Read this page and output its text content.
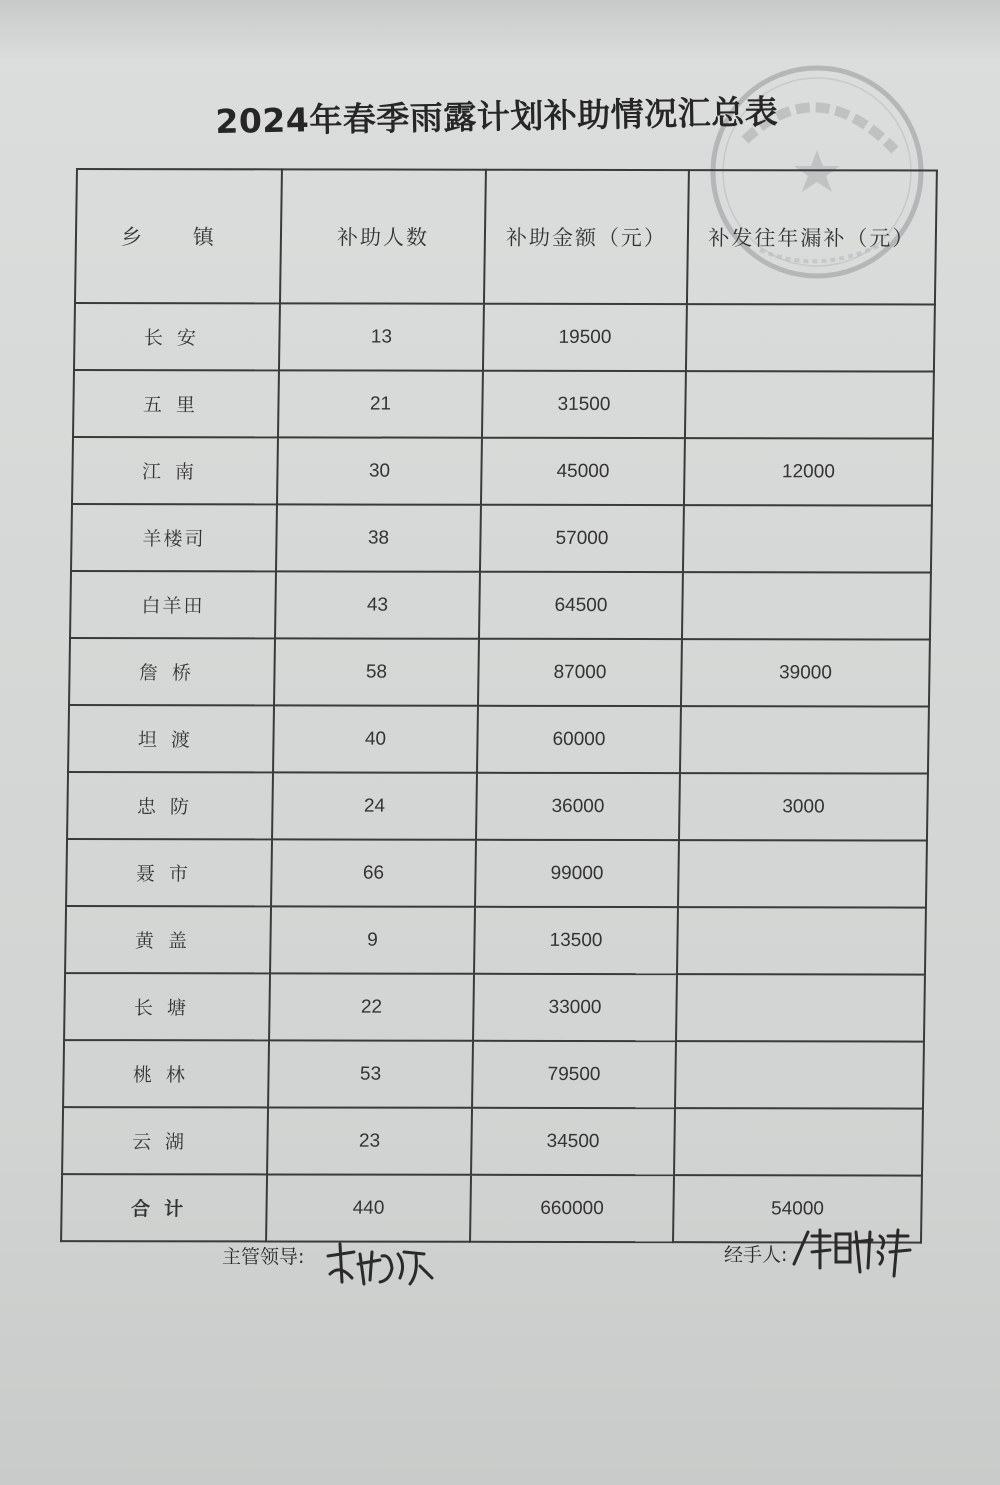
2024年春季雨露计划补助情况汇总表
乡 镇	补助人数	补助金额（元）	补发往年漏补（元）
长安	13	19500	
五里	21	31500	
江南	30	45000	12000
羊楼司	38	57000	
白羊田	43	64500	
詹桥	58	87000	39000
坦渡	40	60000	
忠防	24	36000	3000
聂市	66	99000	
黄盖	9	13500	
长塘	22	33000	
桃林	53	79500	
云湖	23	34500	
合计	440	660000	54000
主管领导:	经手人:
